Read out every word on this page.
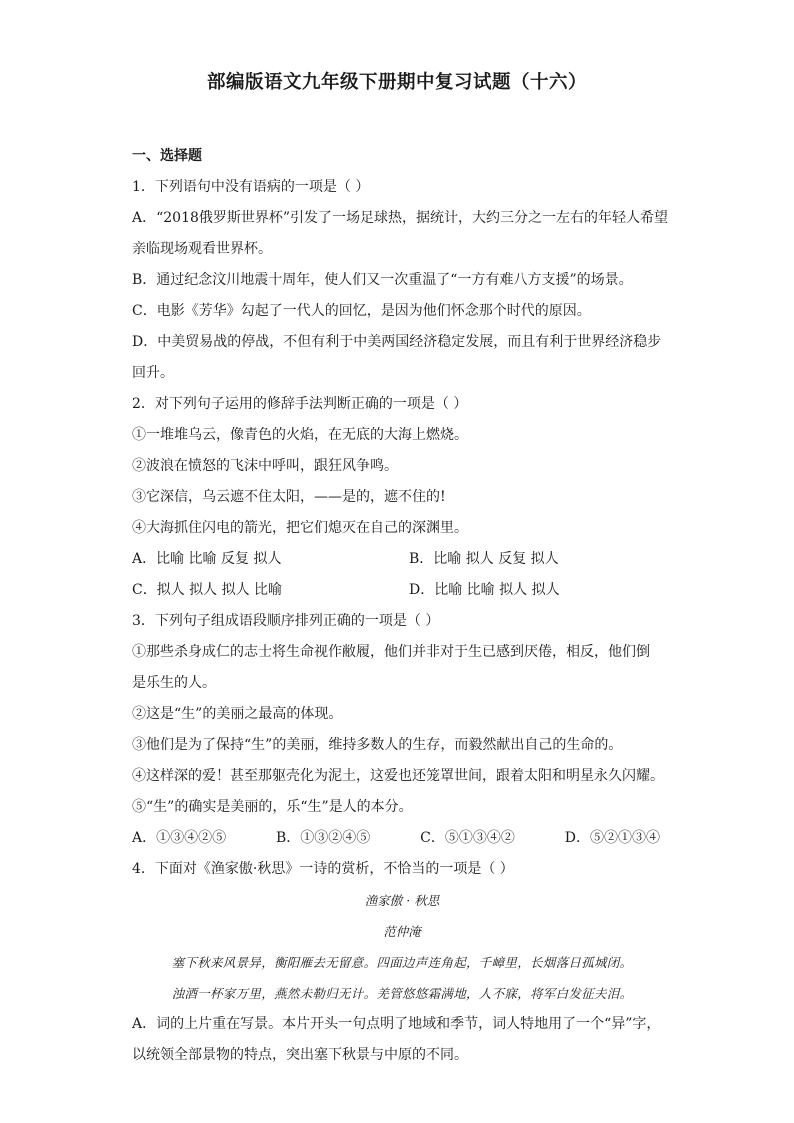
部编版语文九年级下册期中复习试题（十六）
一、选择题
1．下列语句中没有语病的一项是（ ）
A．“2018俄罗斯世界杯”引发了一场足球热，据统计，大约三分之一左右的年轻人希望
亲临现场观看世界杯。
B．通过纪念汶川地震十周年，使人们又一次重温了“一方有难八方支援”的场景。
C．电影《芳华》勾起了一代人的回忆，是因为他们怀念那个时代的原因。
D．中美贸易战的停战，不但有利于中美两国经济稳定发展，而且有利于世界经济稳步
回升。
2．对下列句子运用的修辞手法判断正确的一项是（ ）
①一堆堆乌云，像青色的火焰，在无底的大海上燃烧。
②波浪在愤怒的飞沫中呼叫，跟狂风争鸣。
③它深信，乌云遮不住太阳，——是的，遮不住的!
④大海抓住闪电的箭光，把它们熄灭在自己的深渊里。
A．比喻 比喻 反复 拟人	B．比喻 拟人 反复 拟人
C．拟人 拟人 拟人 比喻	D．比喻 比喻 拟人 拟人
3．下列句子组成语段顺序排列正确的一项是（ ）
①那些杀身成仁的志士将生命视作敝履，他们并非对于生已感到厌倦，相反，他们倒
是乐生的人。
②这是“生”的美丽之最高的体现。
③他们是为了保持“生”的美丽，维持多数人的生存，而毅然献出自己的生命的。
④这样深的爱！甚至那躯壳化为泥土，这爱也还笼罩世间，跟着太阳和明星永久闪耀。
⑤“生”的确实是美丽的，乐“生”是人的本分。
A．①③④②⑤	B．①③②④⑤	C．⑤①③④②	D．⑤②①③④
4．下面对《渔家傲·秋思》一诗的赏析，不恰当的一项是（ ）
渔家傲 · 秋思
范仲淹
塞下秋来风景异，衡阳雁去无留意。四面边声连角起，千嶂里，长烟落日孤城闭。
浊酒一杯家万里，燕然未勒归无计。羌管悠悠霜满地，人不寐，将军白发征夫泪。
A．词的上片重在写景。本片开头一句点明了地域和季节，词人特地用了一个“异”字，
以统领全部景物的特点，突出塞下秋景与中原的不同。
